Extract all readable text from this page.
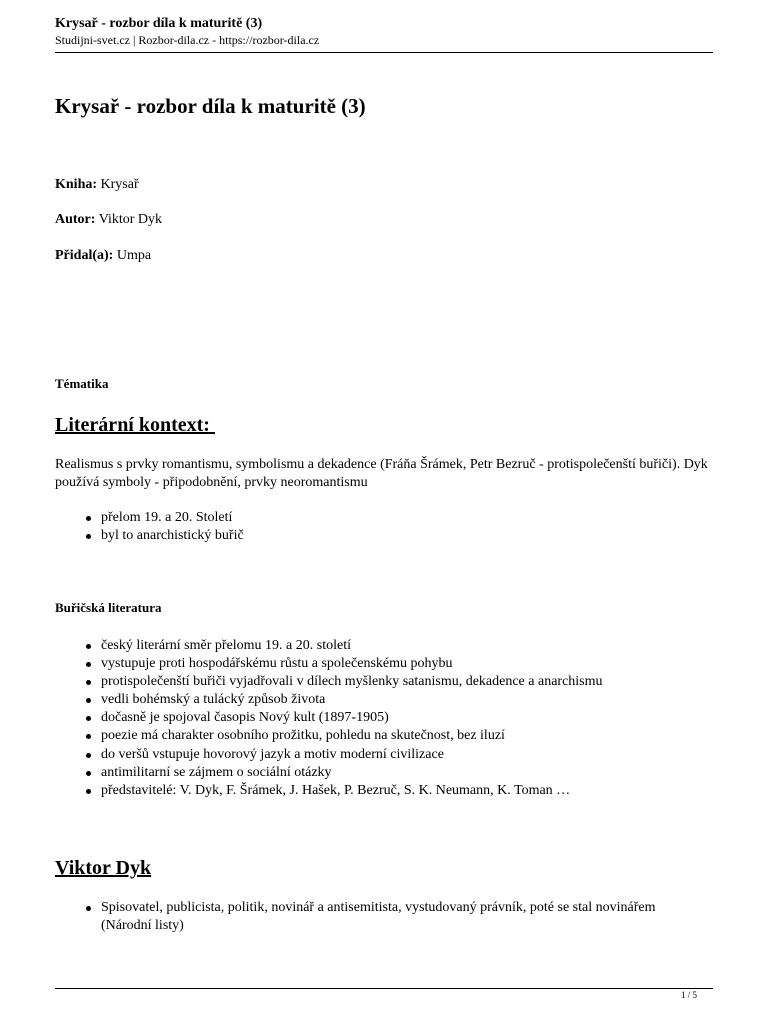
Krysař - rozbor díla k maturitě (3)
Studijni-svet.cz | Rozbor-dila.cz - https://rozbor-dila.cz
Krysař - rozbor díla k maturitě (3)
Kniha: Krysař
Autor: Viktor Dyk
Přidal(a): Umpa
Tématika
Literární kontext:
Realismus s prvky romantismu, symbolismu a dekadence (Fráňa Šrámek, Petr Bezruč - protispolečenští buřiči). Dyk používá symboly - připodobnění, prvky neoromantismu
přelom 19. a 20. Století
byl to anarchistický buřič
Buřičská literatura
český literární směr přelomu 19. a 20. století
vystupuje proti hospodářskému růstu a společenskému pohybu
protispolečenští buřiči vyjadřovali v dílech myšlenky satanismu, dekadence a anarchismu
vedli bohémský a tulácký způsob života
dočasně je spojoval časopis Nový kult (1897-1905)
poezie má charakter osobního prožitku, pohledu na skutečnost, bez iluzí
do veršů vstupuje hovorový jazyk a motiv moderní civilizace
antimilitarní se zájmem o sociální otázky
představitelé: V. Dyk, F. Šrámek, J. Hašek, P. Bezruč, S. K. Neumann, K. Toman …
Viktor Dyk
Spisovatel, publicista, politik, novinář a antisemitista, vystudovaný právník, poté se stal novinářem (Národní listy)
1 / 5
